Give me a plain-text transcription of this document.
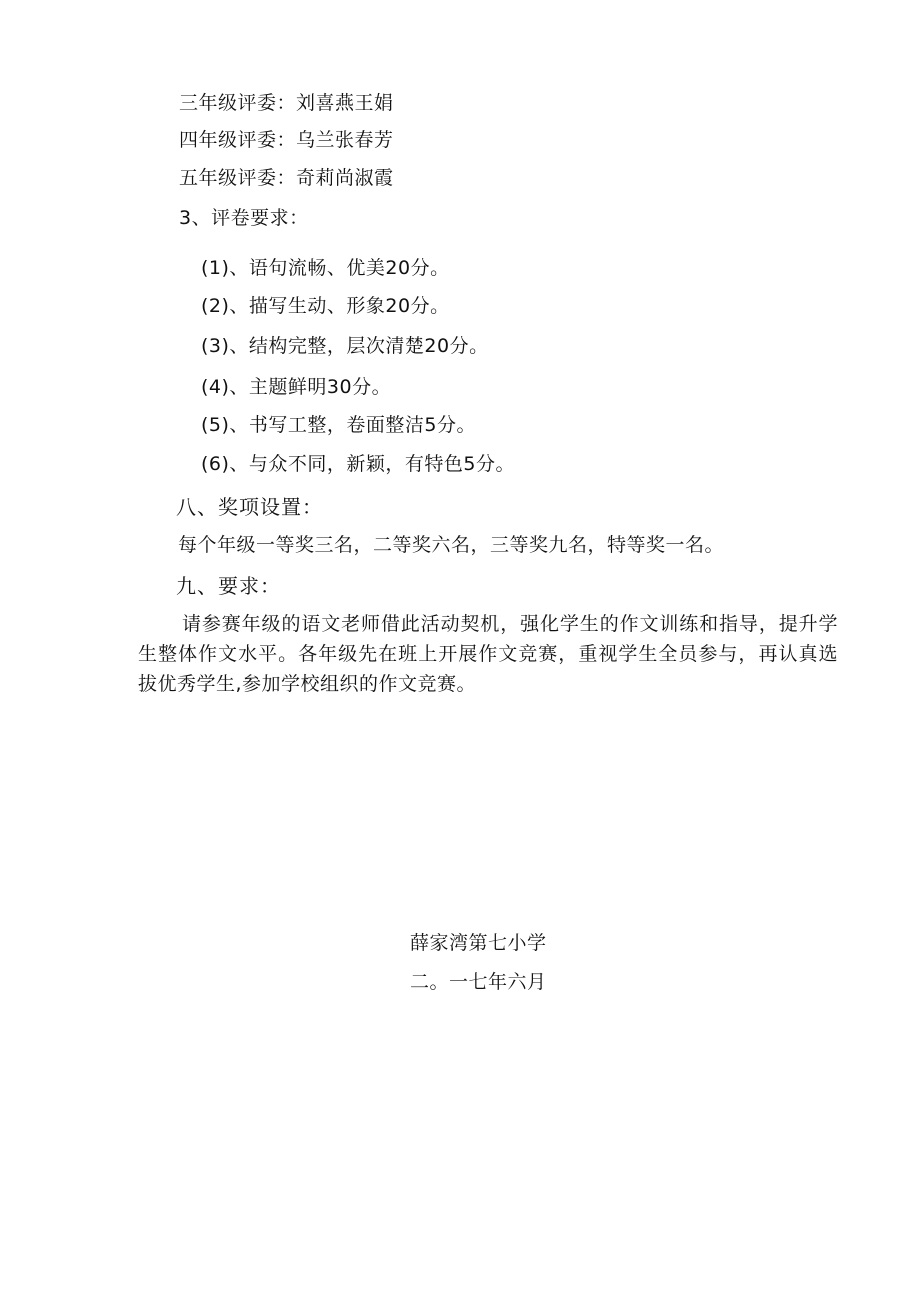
三年级评委：刘喜燕王娟
四年级评委：乌兰张春芳
五年级评委：奇莉尚淑霞
3、评卷要求：
(1)、语句流畅、优美20分。
(2)、描写生动、形象20分。
(3)、结构完整，层次清楚20分。
(4)、主题鲜明30分。
(5)、书写工整，卷面整洁5分。
(6)、与众不同，新颖，有特色5分。
八、奖项设置：
每个年级一等奖三名，二等奖六名，三等奖九名，特等奖一名。
九、要求：
请参赛年级的语文老师借此活动契机，强化学生的作文训练和指导，提升学生整体作文水平。各年级先在班上开展作文竞赛，重视学生全员参与，再认真选拔优秀学生,参加学校组织的作文竞赛。
薛家湾第七小学
二。一七年六月
